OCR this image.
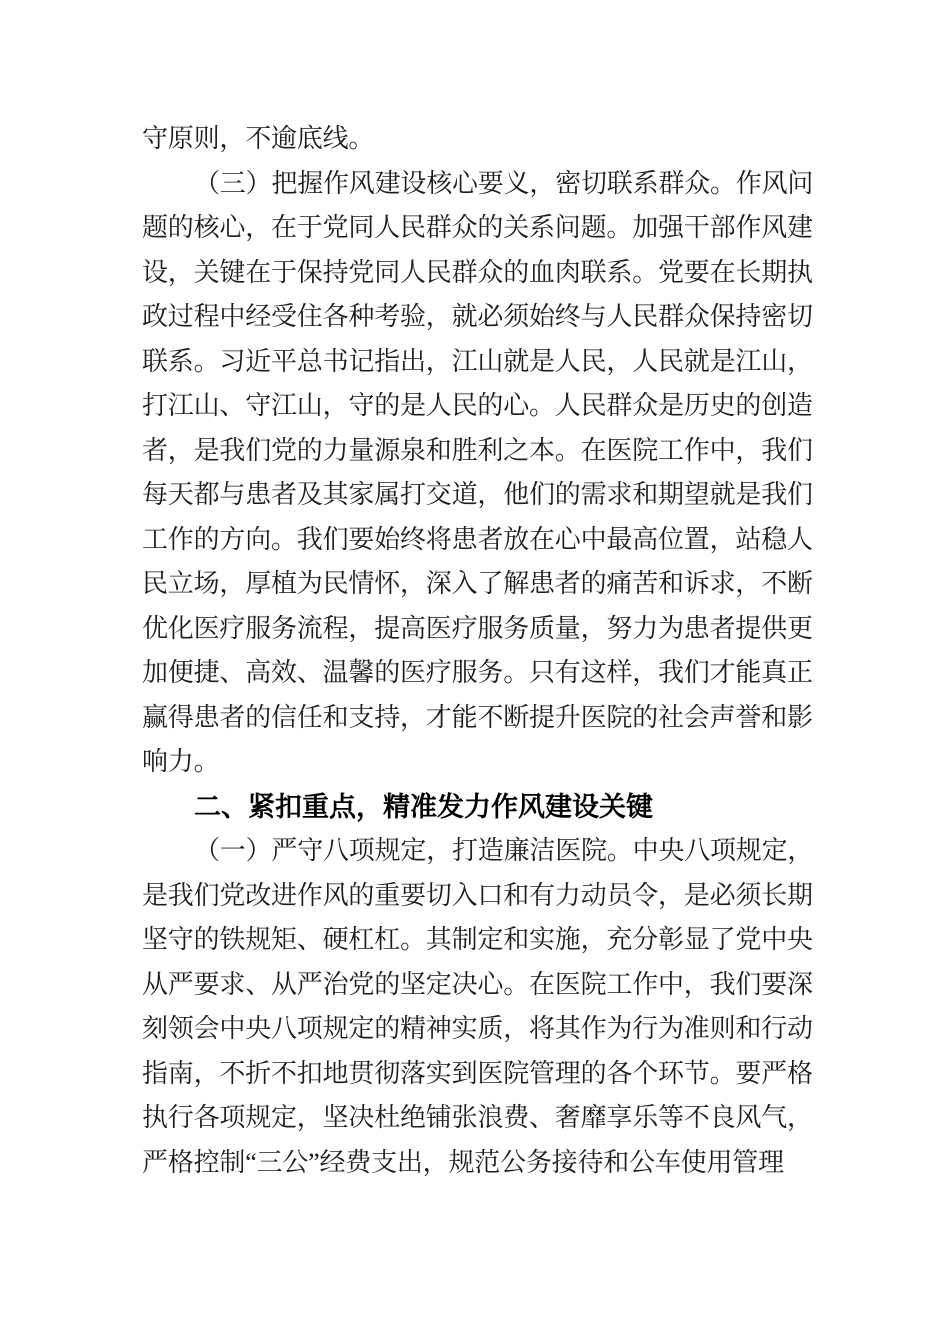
守原则，不逾底线。
（三）把握作风建设核心要义，密切联系群众。作风问
题的核心，在于党同人民群众的关系问题。加强干部作风建
设，关键在于保持党同人民群众的血肉联系。党要在长期执
政过程中经受住各种考验，就必须始终与人民群众保持密切
联系。习近平总书记指出，江山就是人民，人民就是江山，
打江山、守江山，守的是人民的心。人民群众是历史的创造
者，是我们党的力量源泉和胜利之本。在医院工作中，我们
每天都与患者及其家属打交道，他们的需求和期望就是我们
工作的方向。我们要始终将患者放在心中最高位置，站稳人
民立场，厚植为民情怀，深入了解患者的痛苦和诉求，不断
优化医疗服务流程，提高医疗服务质量，努力为患者提供更
加便捷、高效、温馨的医疗服务。只有这样，我们才能真正
赢得患者的信任和支持，才能不断提升医院的社会声誉和影
响力。
二、紧扣重点，精准发力作风建设关键
（一）严守八项规定，打造廉洁医院。中央八项规定，
是我们党改进作风的重要切入口和有力动员令，是必须长期
坚守的铁规矩、硬杠杠。其制定和实施，充分彰显了党中央
从严要求、从严治党的坚定决心。在医院工作中，我们要深
刻领会中央八项规定的精神实质，将其作为行为准则和行动
指南，不折不扣地贯彻落实到医院管理的各个环节。要严格
执行各项规定，坚决杜绝铺张浪费、奢靡享乐等不良风气，
严格控制“三公”经费支出，规范公务接待和公车使用管理
